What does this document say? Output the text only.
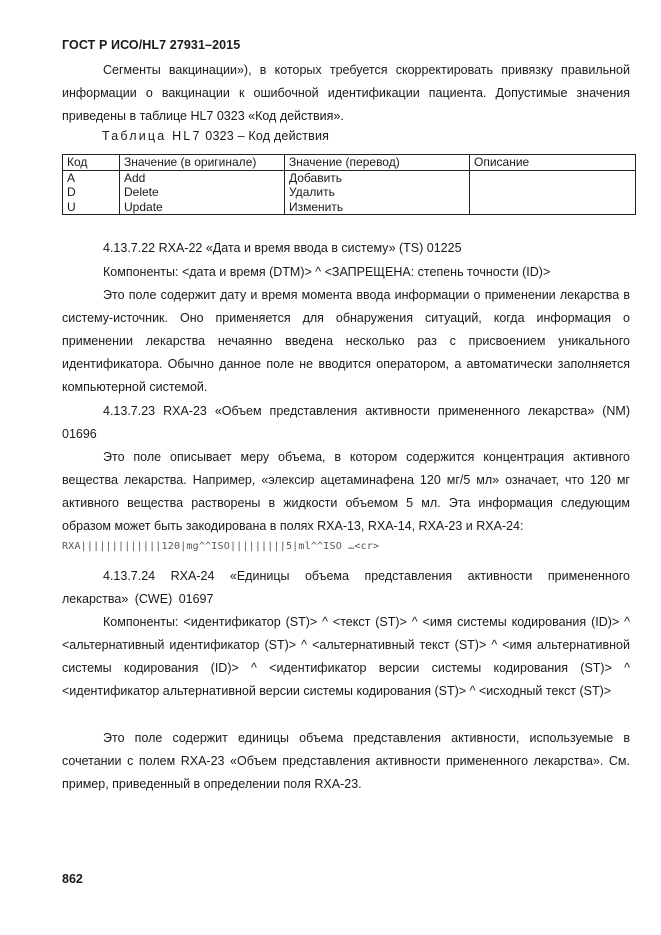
ГОСТ Р ИСО/HL7 27931–2015

Сегменты вакцинации»), в которых требуется скорректировать привязку правильной информации о вакцинации к ошибочной идентификации пациента. Допустимые значения приведены в таблице HL7 0323 «Код действия».

Таблица HL7 0323 – Код действия
Код	Значение (в оригинале)	Значение (перевод)	Описание
A	Add	Добавить	
D	Delete	Удалить	
U	Update	Изменить	

4.13.7.22 RXA-22 «Дата и время ввода в систему» (TS) 01225

Компоненты: <дата и время (DTM)> ^ <ЗАПРЕЩЕНА: степень точности (ID)>

Это поле содержит дату и время момента ввода информации о применении лекарства в систему-источник. Оно применяется для обнаружения ситуаций, когда информация о применении лекарства нечаянно введена несколько раз с присвоением уникального идентификатора. Обычно данное поле не вводится оператором, а автоматически заполняется компьютерной системой.

4.13.7.23 RXA-23 «Объем представления активности примененного лекарства» (NM) 01696

Это поле описывает меру объема, в котором содержится концентрация активного вещества лекарства. Например, «элексир ацетаминафена 120 мг/5 мл» означает, что 120 мг активного вещества растворены в жидкости объемом 5 мл. Эта информация следующим образом может быть закодирована в полях RXA-13, RXA-14, RXA-23 и RXA-24:

RXA|||||||||||||120|mg^^ISO|||||||||5|ml^^ISO …<cr>

4.13.7.24 RXA-24 «Единицы объема представления активности примененного лекарства» (CWE) 01697

Компоненты: <идентификатор (ST)> ^ <текст (ST)> ^ <имя системы кодирования (ID)> ^ <альтернативный идентификатор (ST)> ^ <альтернативный текст (ST)> ^ <имя альтернативной системы кодирования (ID)> ^ <идентификатор версии системы кодирования (ST)> ^ <идентификатор альтернативной версии системы кодирования (ST)> ^ <исходный текст (ST)>

Это поле содержит единицы объема представления активности, используемые в сочетании с полем RXA-23 «Объем представления активности примененного лекарства». См. пример, приведенный в определении поля RXA-23.

862
